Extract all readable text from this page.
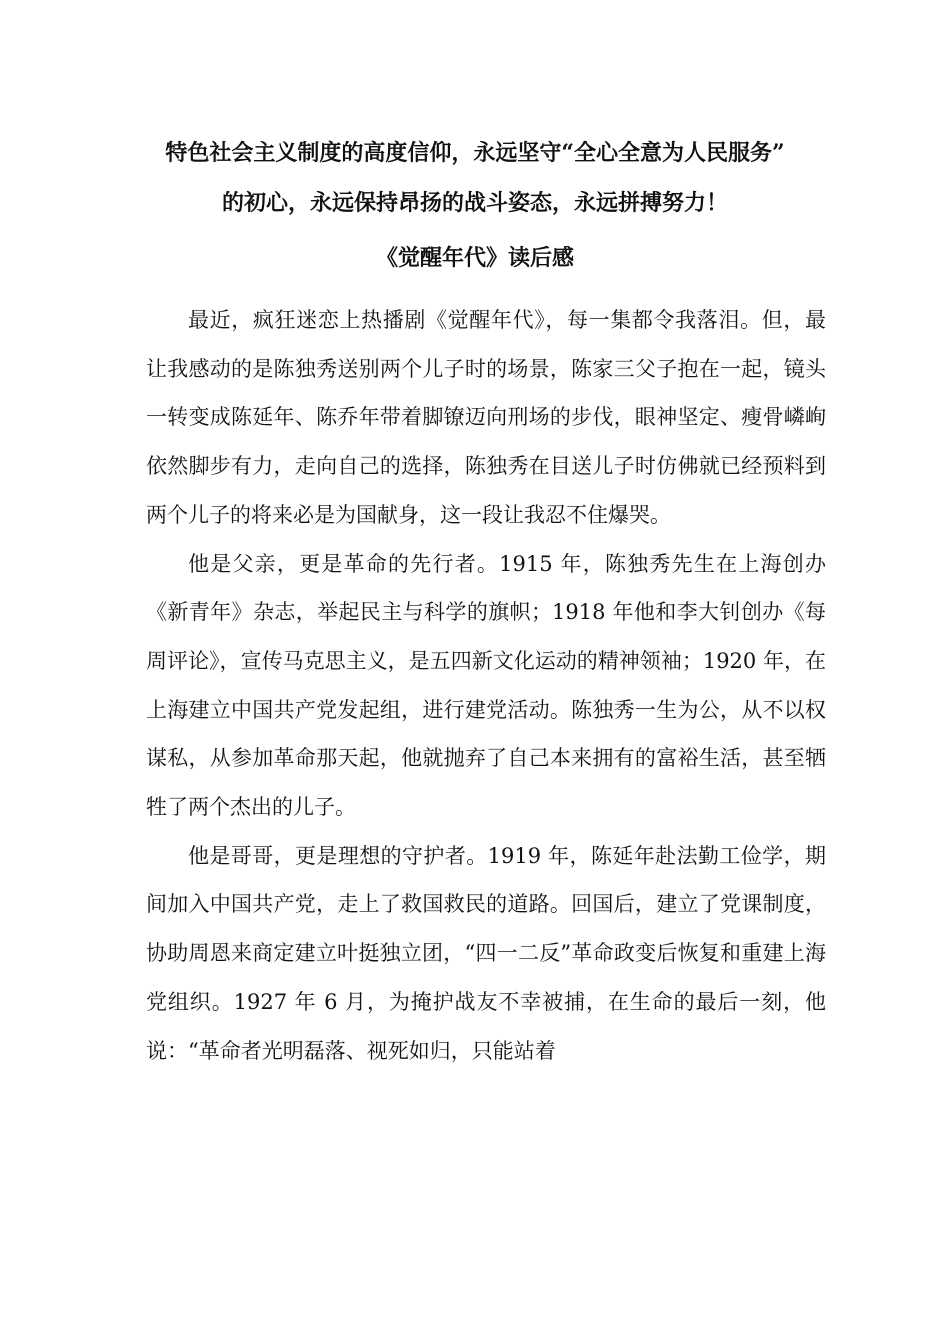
特色社会主义制度的高度信仰，永远坚守“全心全意为人民服务”
的初心，永远保持昂扬的战斗姿态，永远拼搏努力！
《觉醒年代》读后感

最近，疯狂迷恋上热播剧《觉醒年代》，每一集都令我落泪。但，最让我感动的是陈独秀送别两个儿子时的场景，陈家三父子抱在一起，镜头一转变成陈延年、陈乔年带着脚镣迈向刑场的步伐，眼神坚定、瘦骨嶙峋依然脚步有力，走向自己的选择，陈独秀在目送儿子时仿佛就已经预料到两个儿子的将来必是为国献身，这一段让我忍不住爆哭。

他是父亲，更是革命的先行者。1915 年，陈独秀先生在上海创办《新青年》杂志，举起民主与科学的旗帜；1918 年他和李大钊创办《每周评论》，宣传马克思主义，是五四新文化运动的精神领袖；1920 年，在上海建立中国共产党发起组，进行建党活动。陈独秀一生为公，从不以权谋私，从参加革命那天起，他就抛弃了自己本来拥有的富裕生活，甚至牺牲了两个杰出的儿子。

他是哥哥，更是理想的守护者。1919 年，陈延年赴法勤工俭学，期间加入中国共产党，走上了救国救民的道路。回国后，建立了党课制度，协助周恩来商定建立叶挺独立团，“四一二反”革命政变后恢复和重建上海党组织。1927 年 6 月，为掩护战友不幸被捕，在生命的最后一刻，他说：“革命者光明磊落、视死如归，只能站着
